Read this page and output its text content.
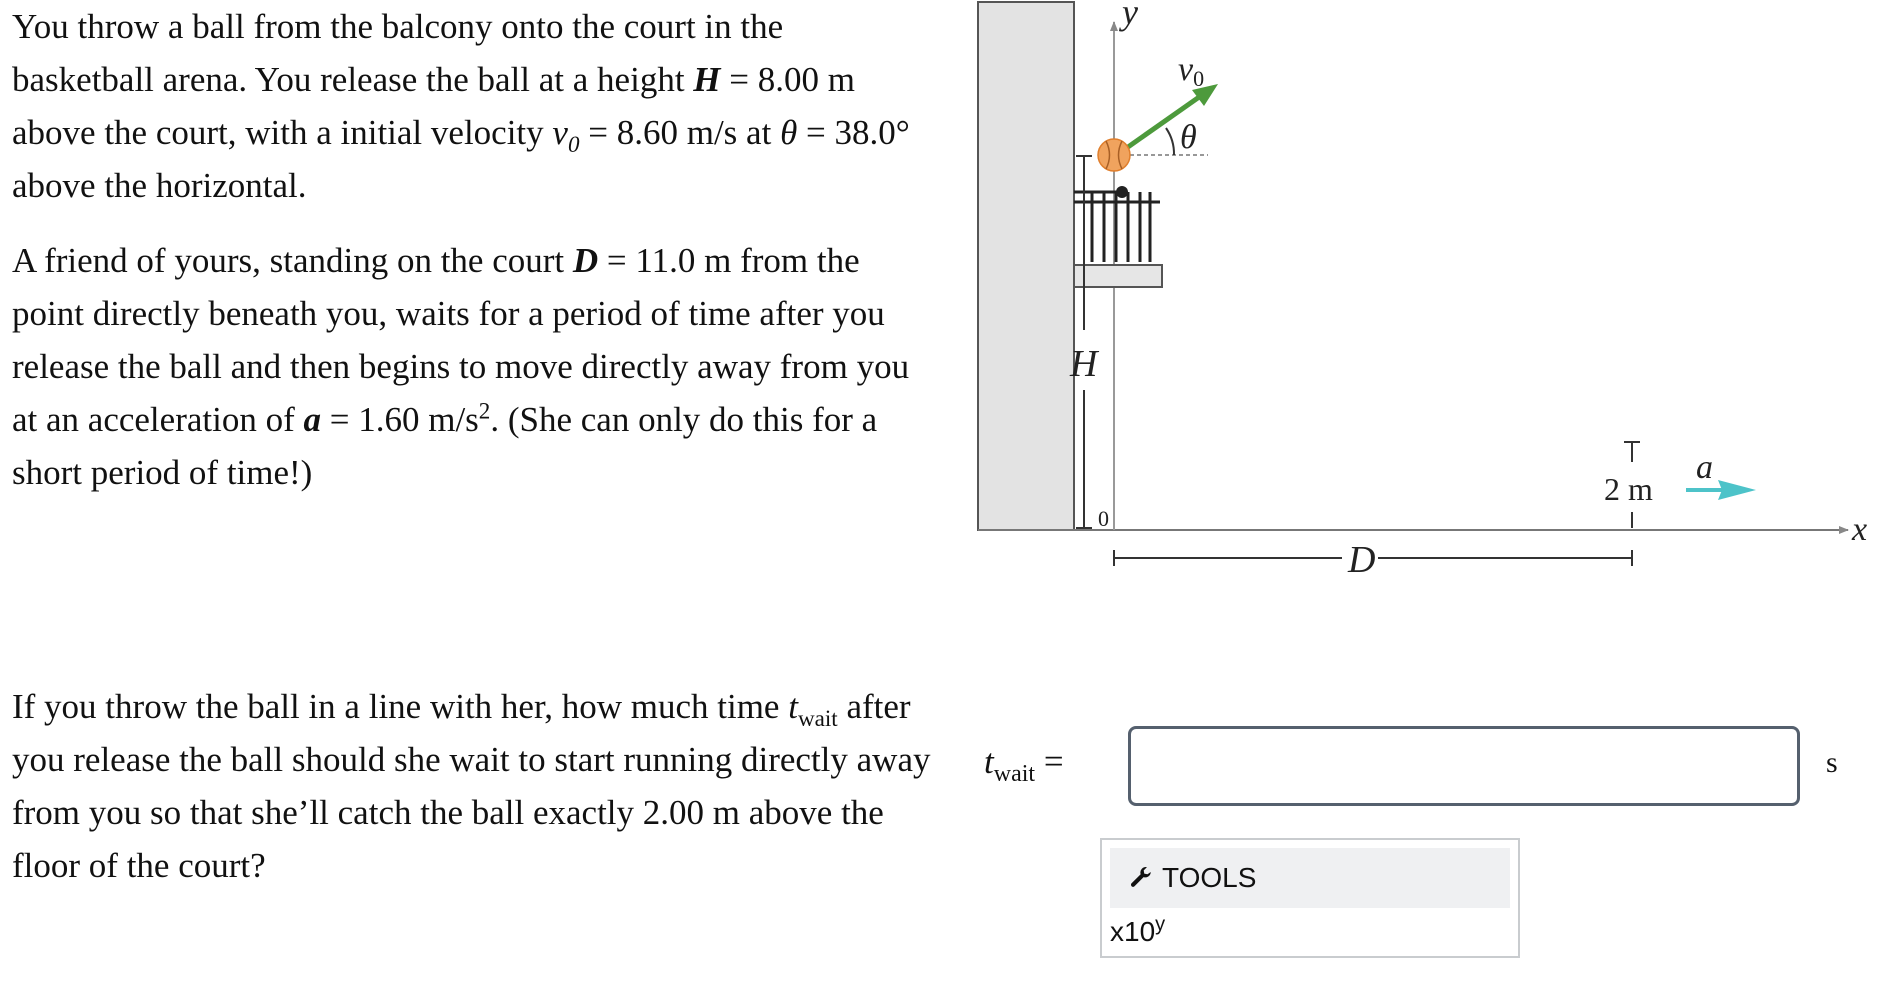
You throw a ball from the balcony onto the court in the basketball arena. You release the ball at a height H = 8.00 m above the court, with a initial velocity $v_0 = 8.60$ m/s at θ = 38.0° above the horizontal.

A friend of yours, standing on the court D = 11.0 m from the point directly beneath you, waits for a period of time after you release the ball and then begins to move directly away from you at an acceleration of a = 1.60 $m/s^2$. (She can only do this for a short period of time!)

If you throw the ball in a line with her, how much time $t_{wait}$ after you release the ball should she wait to start running directly away from you so that she’ll catch the ball exactly 2.00 m above the floor of the court?

x
y
0
H
v0
θ
D
2 m
a
$t_{wait}$ =	s
TOOLS
x10$^y$
